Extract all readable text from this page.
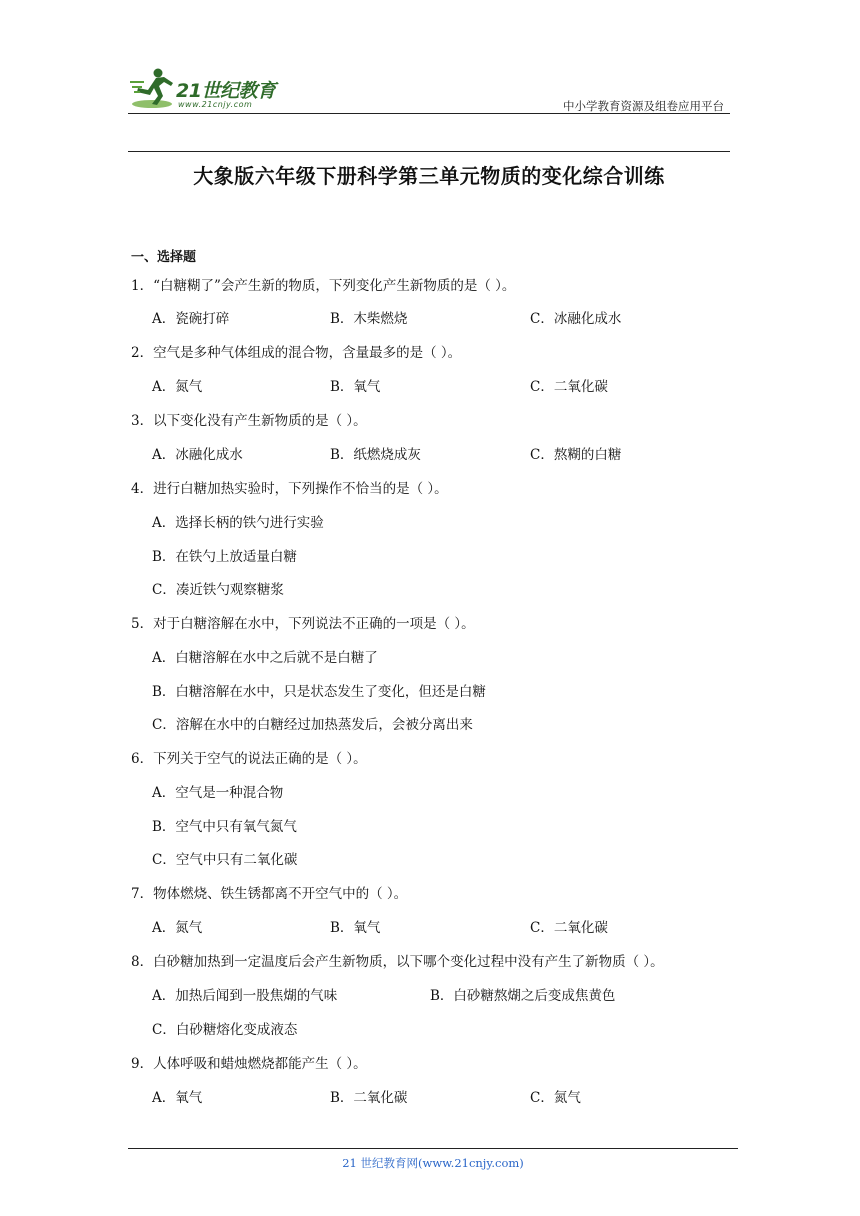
21世纪教育
www.21cnjy.com	中小学教育资源及组卷应用平台
大象版六年级下册科学第三单元物质的变化综合训练
一、选择题
1．“白糖糊了”会产生新的物质，下列变化产生新物质的是（ ）。
A．瓷碗打碎	B．木柴燃烧	C．冰融化成水
2．空气是多种气体组成的混合物，含量最多的是（ ）。
A．氮气	B．氧气	C．二氧化碳
3．以下变化没有产生新物质的是（ ）。
A．冰融化成水	B．纸燃烧成灰	C．熬糊的白糖
4．进行白糖加热实验时，下列操作不恰当的是（ ）。
A．选择长柄的铁勺进行实验
B．在铁勺上放适量白糖
C．凑近铁勺观察糖浆
5．对于白糖溶解在水中，下列说法不正确的一项是（ ）。
A．白糖溶解在水中之后就不是白糖了
B．白糖溶解在水中，只是状态发生了变化，但还是白糖
C．溶解在水中的白糖经过加热蒸发后，会被分离出来
6．下列关于空气的说法正确的是（ ）。
A．空气是一种混合物
B．空气中只有氧气氮气
C．空气中只有二氧化碳
7．物体燃烧、铁生锈都离不开空气中的（ ）。
A．氮气	B．氧气	C．二氧化碳
8．白砂糖加热到一定温度后会产生新物质，以下哪个变化过程中没有产生了新物质（ ）。
A．加热后闻到一股焦煳的气味	B．白砂糖熬煳之后变成焦黄色
C．白砂糖熔化变成液态
9．人体呼吸和蜡烛燃烧都能产生（ ）。
A．氧气	B．二氧化碳	C．氮气
21 世纪教育网(www.21cnjy.com)
